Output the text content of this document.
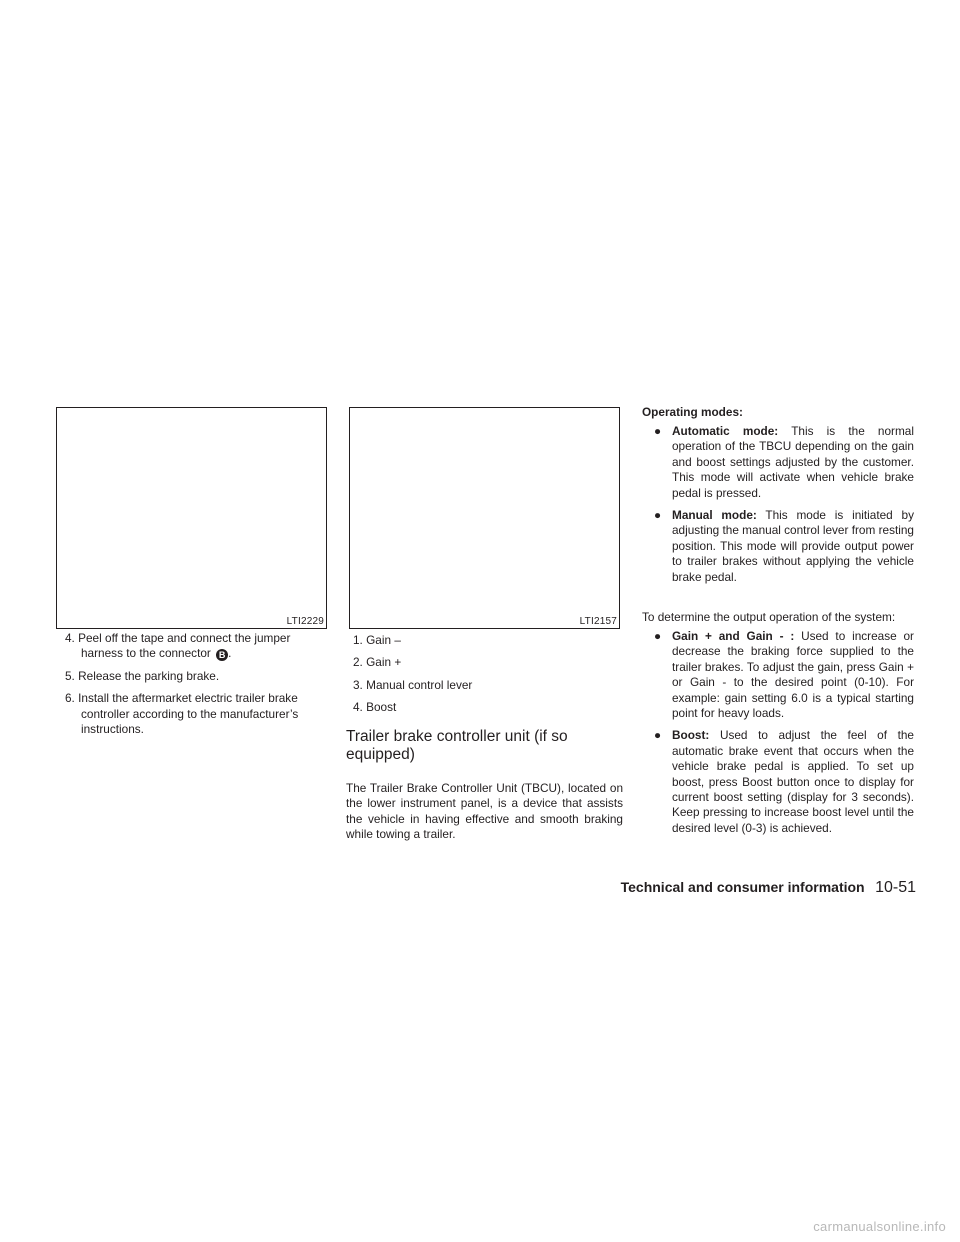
LTI2229	LTI2157
4. Peel off the tape and connect the jumper harness to the connector B .
5. Release the parking brake.
6. Install the aftermarket electric trailer brake controller according to the manufacturer’s instructions.
1. Gain –
2. Gain +
3. Manual control lever
4. Boost
Trailer brake controller unit (if so equipped)
The Trailer Brake Controller Unit (TBCU), located on the lower instrument panel, is a device that assists the vehicle in having effective and smooth braking while towing a trailer.
Operating modes:
● Automatic mode: This is the normal operation of the TBCU depending on the gain and boost settings adjusted by the customer. This mode will activate when vehicle brake pedal is pressed.
● Manual mode: This mode is initiated by adjusting the manual control lever from resting position. This mode will provide output power to trailer brakes without applying the vehicle brake pedal.
To determine the output operation of the system:
● Gain + and Gain - : Used to increase or decrease the braking force supplied to the trailer brakes. To adjust the gain, press Gain + or Gain - to the desired point (0-10). For example: gain setting 6.0 is a typical starting point for heavy loads.
● Boost: Used to adjust the feel of the automatic brake event that occurs when the vehicle brake pedal is applied. To set up boost, press Boost button once to display for current boost setting (display for 3 seconds). Keep pressing to increase boost level until the desired level (0-3) is achieved.
Technical and consumer information 10-51
carmanualsonline.info
